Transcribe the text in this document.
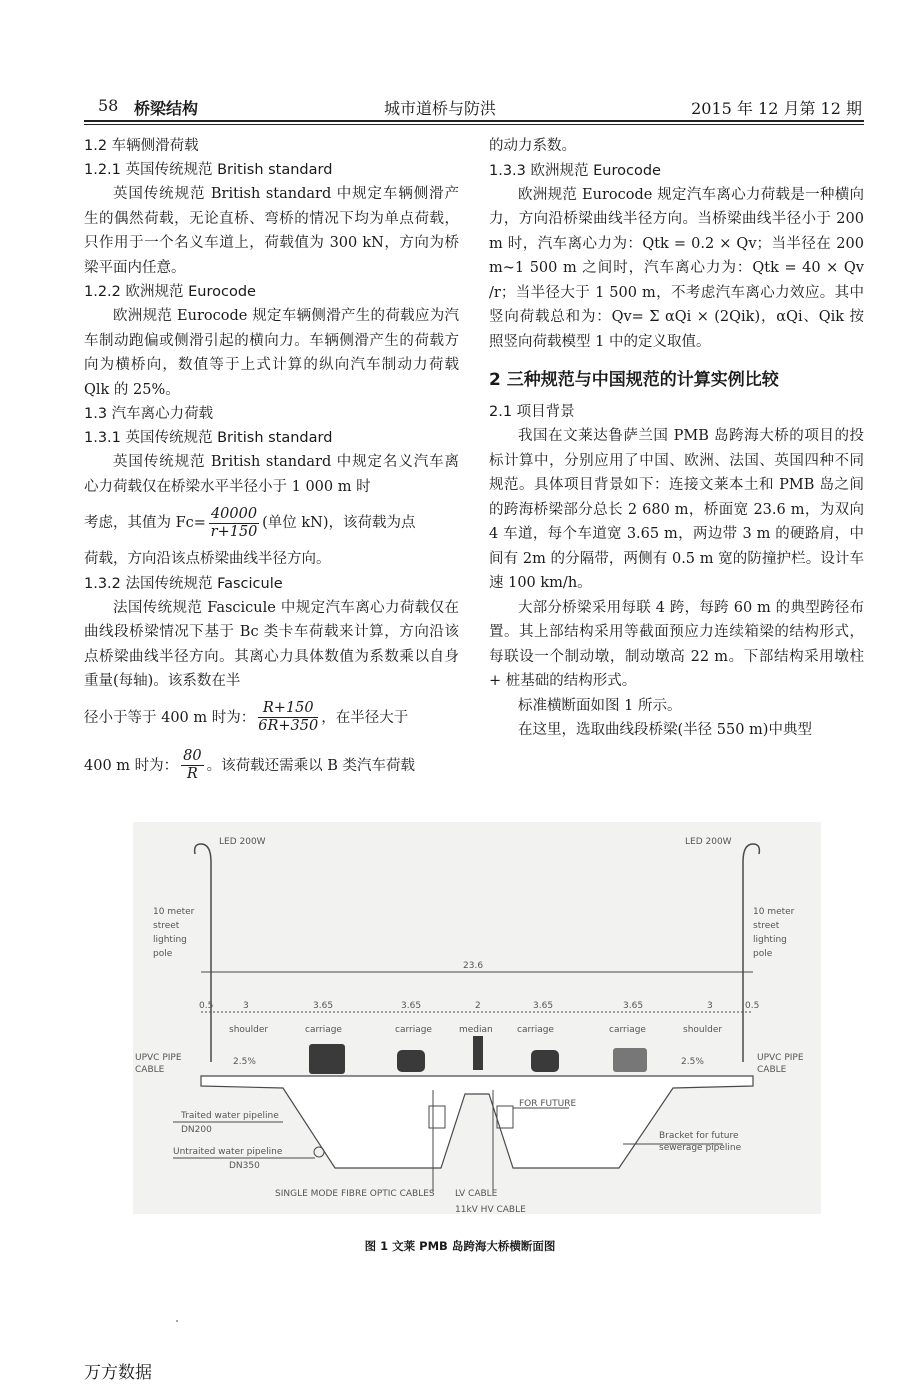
58 桥梁结构	城市道桥与防洪	2015 年 12 月第 12 期

1.2 车辆侧滑荷载

1.2.1 英国传统规范 British standard

英国传统规范 British standard 中规定车辆侧滑产生的偶然荷载，无论直桥、弯桥的情况下均为单点荷载，只作用于一个名义车道上，荷载值为 300 kN，方向为桥梁平面内任意。

1.2.2 欧洲规范 Eurocode

欧洲规范 Eurocode 规定车辆侧滑产生的荷载应为汽车制动跑偏或侧滑引起的横向力。车辆侧滑产生的荷载方向为横桥向，数值等于上式计算的纵向汽车制动力荷载 Qlk 的 25%。

1.3 汽车离心力荷载

1.3.1 英国传统规范 British standard

英国传统规范 British standard 中规定名义汽车离心力荷载仅在桥梁水平半径小于 1 000 m 时

考虑，其值为 $Fc= \frac{40000}{r+150}$ (单位 kN)，该荷载为点

荷载，方向沿该点桥梁曲线半径方向。

1.3.2 法国传统规范 Fascicule

法国传统规范 Fascicule 中规定汽车离心力荷载仅在曲线段桥梁情况下基于 Bc 类卡车荷载来计算，方向沿该点桥梁曲线半径方向。其离心力具体数值为系数乘以自身重量(每轴)。该系数在半

径小于等于 400 m 时为： $\frac{R+150}{6R+350}$ ，在半径大于

400 m 时为： $\frac{80}{R}$ 。该荷载还需乘以 B 类汽车荷载

的动力系数。

1.3.3 欧洲规范 Eurocode

欧洲规范 Eurocode 规定汽车离心力荷载是一种横向力，方向沿桥梁曲线半径方向。当桥梁曲线半径小于 200 m 时，汽车离心力为：Qtk = 0.2 × Qv；当半径在 200 m~1 500 m 之间时，汽车离心力为：Qtk = 40 × Qv /r；当半径大于 1 500 m，不考虑汽车离心力效应。其中竖向荷载总和为：Qv= Σ αQi × (2Qik)，αQi、Qik 按照竖向荷载模型 1 中的定义取值。

2 三种规范与中国规范的计算实例比较

2.1 项目背景

我国在文莱达鲁萨兰国 PMB 岛跨海大桥的项目的投标计算中，分别应用了中国、欧洲、法国、英国四种不同规范。具体项目背景如下：连接文莱本土和 PMB 岛之间的跨海桥梁部分总长 2 680 m，桥面宽 23.6 m，为双向 4 车道，每个车道宽 3.65 m，两边带 3 m 的硬路肩，中间有 2m 的分隔带，两侧有 0.5 m 宽的防撞护栏。设计车速 100 km/h。

大部分桥梁采用每联 4 跨，每跨 60 m 的典型跨径布置。其上部结构采用等截面预应力连续箱梁的结构形式，每联设一个制动墩，制动墩高 22 m。下部结构采用墩柱 + 桩基础的结构形式。

标准横断面如图 1 所示。

在这里，选取曲线段桥梁(半径 550 m)中典型

LED 200W	LED 200W
10 meter
street
lighting
pole
10 meter
street
lighting
pole
23.6
0.5	3	3.65	3.65	2	3.65	3.65	3	0.5
shoulder	carriage	carriage	median	carriage	carriage	shoulder
2.5%	2.5%
UPVC PIPE
CABLE
UPVC PIPE
CABLE
FOR FUTURE
Traited water pipeline
DN200
Untraited water pipeline
DN350
Bracket for future
sewerage pipeline
SINGLE MODE FIBRE OPTIC CABLES LV CABLE
11kV HV CABLE
图 1 文莱 PMB 岛跨海大桥横断面图
万方数据
